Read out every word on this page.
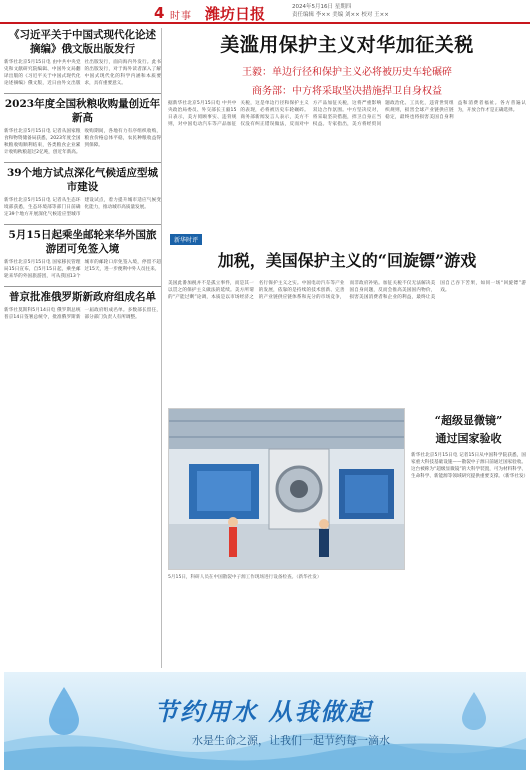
4 时事 潍坊日报	2024年5月16日 星期四
责任编辑 李×× 美编 刘×× 校对 王××
《习近平关于中国式现代化论述摘编》俄文版出版发行
新华社北京5月15日电 由中共中央党史和文献研究院编辑、中国外文局翻译出版的《习近平关于中国式现代化论述摘编》俄文版，近日由外文出版社出版发行，面向海内外发行。此书的出版发行，对于海外读者深入了解中国式现代化的科学内涵和本质要求，具有重要意义。
2023年度全国秋粮收购量创近年新高
新华社北京5月15日电 记者从国家粮食和物资储备局获悉，2023年度全国秋粮收购顺利结束，各类粮食企业累计收购秋粮超过2亿吨，创近年新高。收购期间，各地有力有序组织收购，粮食价格总体平稳，农民种粮收益得到保障。
39个地方试点深化气候适应型城市建设
新华社北京5月15日电 记者从生态环境部获悉，生态环境部等部门日前确定39个地方开展深化气候适应型城市建设试点，着力提升城市适应气候变化能力，推动城市高质量发展。
5月15日起乘坐邮轮来华外国旅游团可免签入境
新华社北京5月15日电 国家移民管理局15日宣布，自5月15日起，乘坐邮轮来华的外国旅游团，可从我国13个城市的邮轮口岸免签入境，停留不超过15天，进一步便利中外人员往来。
普京批准俄罗斯新政府组成名单
新华社莫斯科5月14日电 俄罗斯总统普京14日签署总统令，批准俄罗斯新一届政府组成名单。多数部长留任，部分部门负责人有所调整。
美滥用保护主义对华加征关税
王毅：单边行径和保护主义必将被历史车轮碾碎
商务部：中方将采取坚决措施捍卫自身权益
据新华社北京5月15日电 中共中央政治局委员、外交部长王毅15日表示，美方罔顾事实、违背规则，对中国电动汽车等产品加征关税，这是单边行径和保护主义的表现，必将被历史车轮碾碎。商务部新闻发言人表示，美方不仅没有纠正错误做法，反而对中方产品加征关税，这将严重影响双边合作氛围。中方坚决反对，将采取坚决措施，捍卫自身正当权益。专家指出，美方将经贸问题政治化、工具化，违背世贸组织规则，损害全球产业链供应链稳定，最终也将损害美国自身利益和消费者福祉。各方普遍认为，开放合作才是正确选择。
新华时评
加税，美国保护主义的“回旋镖”游戏
美国此番加税并不是孤立事件，而是其一以贯之的保护主义做法的延续。美方所谓的“产能过剩”论调，本质是以市场经济之名行保护主义之实。中国电动汽车等产业的发展，依靠的是持续的技术创新、完善的产业链供应链体系和充分的市场竞争，而非政府补贴。加征关税不仅无法解决美国自身问题，反而会推高美国国内物价，损害美国消费者和企业的利益，最终让美国自己吞下苦果，如同一场“回旋镖”游戏。
“超级显微镜”
通过国家验收
新华社北京5月15日电 记者15日从中国科学院获悉，国家重大科技基础设施——散裂中子源日前通过国家验收。这台被称为“超级显微镜”的大科学装置，可为材料科学、生命科学、新能源等领域研究提供重要支撑。（新华社发）
5月15日，科研人员在中国散裂中子源工作现场进行设备检查。（新华社发）
节约用水 从我做起
水是生命之源，让我们一起节约每一滴水
